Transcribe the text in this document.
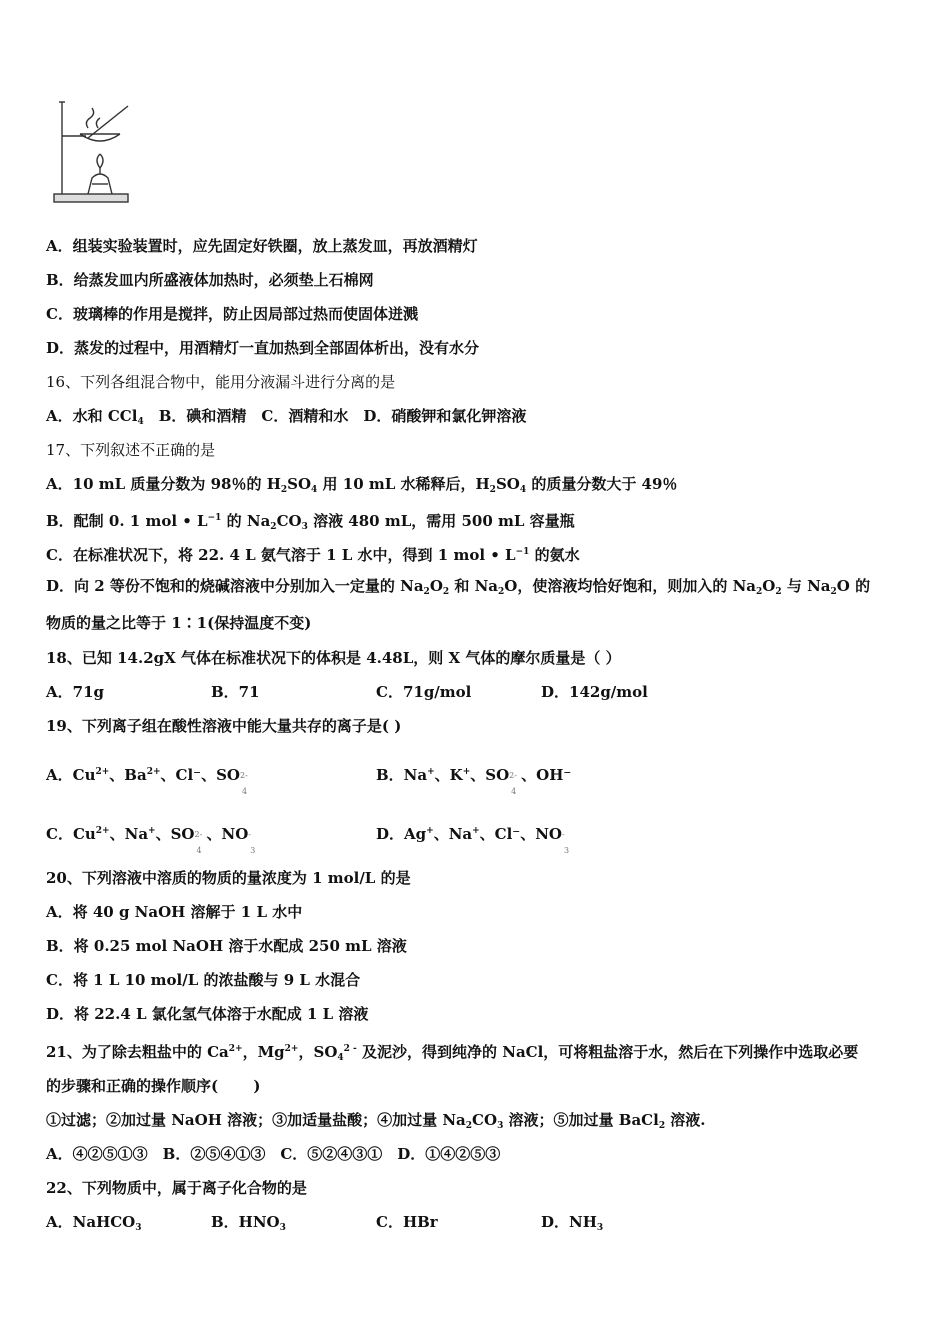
A．组装实验装置时，应先固定好铁圈，放上蒸发皿，再放酒精灯
B．给蒸发皿内所盛液体加热时，必须垫上石棉网
C．玻璃棒的作用是搅拌，防止因局部过热而使固体迸溅
D．蒸发的过程中，用酒精灯一直加热到全部固体析出，没有水分
16、下列各组混合物中，能用分液漏斗进行分离的是
A．水和 CCl$_4$　 B．碘和酒精　C．酒精和水　D．硝酸钾和氯化钾溶液
17、下列叙述不正确的是
A．10 mL 质量分数为 98％的 $H_2SO_4$ 用 10 mL 水稀释后，$H_2SO_4$ 的质量分数大于 49％
B．配制 0. 1 mol • $L^{-1}$ 的 $Na_2CO_3$ 溶液 480 mL，需用 500 mL 容量瓶
C．在标准状况下，将 22. 4 L 氨气溶于 1 L 水中，得到 1 mol • $L^{-1}$ 的氨水
D．向 2 等份不饱和的烧碱溶液中分别加入一定量的 $Na_2O_2$ 和 $Na_2O$，使溶液均恰好饱和，则加入的 $Na_2O_2$ 与 $Na_2O$ 的
物质的量之比等于 1∶1(保持温度不变)
18、已知 14.2gX 气体在标准状况下的体积是 4.48L，则 X 气体的摩尔质量是（ ）
A．71g	B．71	C．71g/mol	D．142g/mol
19、下列离子组在酸性溶液中能大量共存的离子是( )
A．$Cu^{2+}$、$Ba^{2+}$、Cl⁻、SO 2-
4
B．Na+、K+、SO 2-
4
、OH⁻
C．$Cu^{2+}$、Na+、SO 2-
4
、NO -
3
D．Ag+、Na+、Cl⁻、NO -
3
20、下列溶液中溶质的物质的量浓度为 1 mol/L 的是
A．将 40 g NaOH 溶解于 1 L 水中
B．将 0.25 mol NaOH 溶于水配成 250 mL 溶液
C．将 1 L 10 mol/L 的浓盐酸与 9 L 水混合
D．将 22.4 L 氯化氢气体溶于水配成 1 L 溶液
21、为了除去粗盐中的 $Ca^{2+}$，$Mg^{2+}$，$SO_4^{2 -}$ 及泥沙，得到纯净的 NaCl，可将粗盐溶于水，然后在下列操作中选取必要
的步骤和正确的操作顺序(　　 )
①过滤；②加过量 NaOH 溶液；③加适量盐酸；④加过量 $Na_2CO_3$ 溶液；⑤加过量 BaCl$_2$ 溶液.
A．④②⑤①③　B．②⑤④①③　C．⑤②④③①　D．①④②⑤③
22、下列物质中，属于离子化合物的是
A．NaHCO$_3$	B．$HNO_3$	C．HBr	D．$NH_3$
